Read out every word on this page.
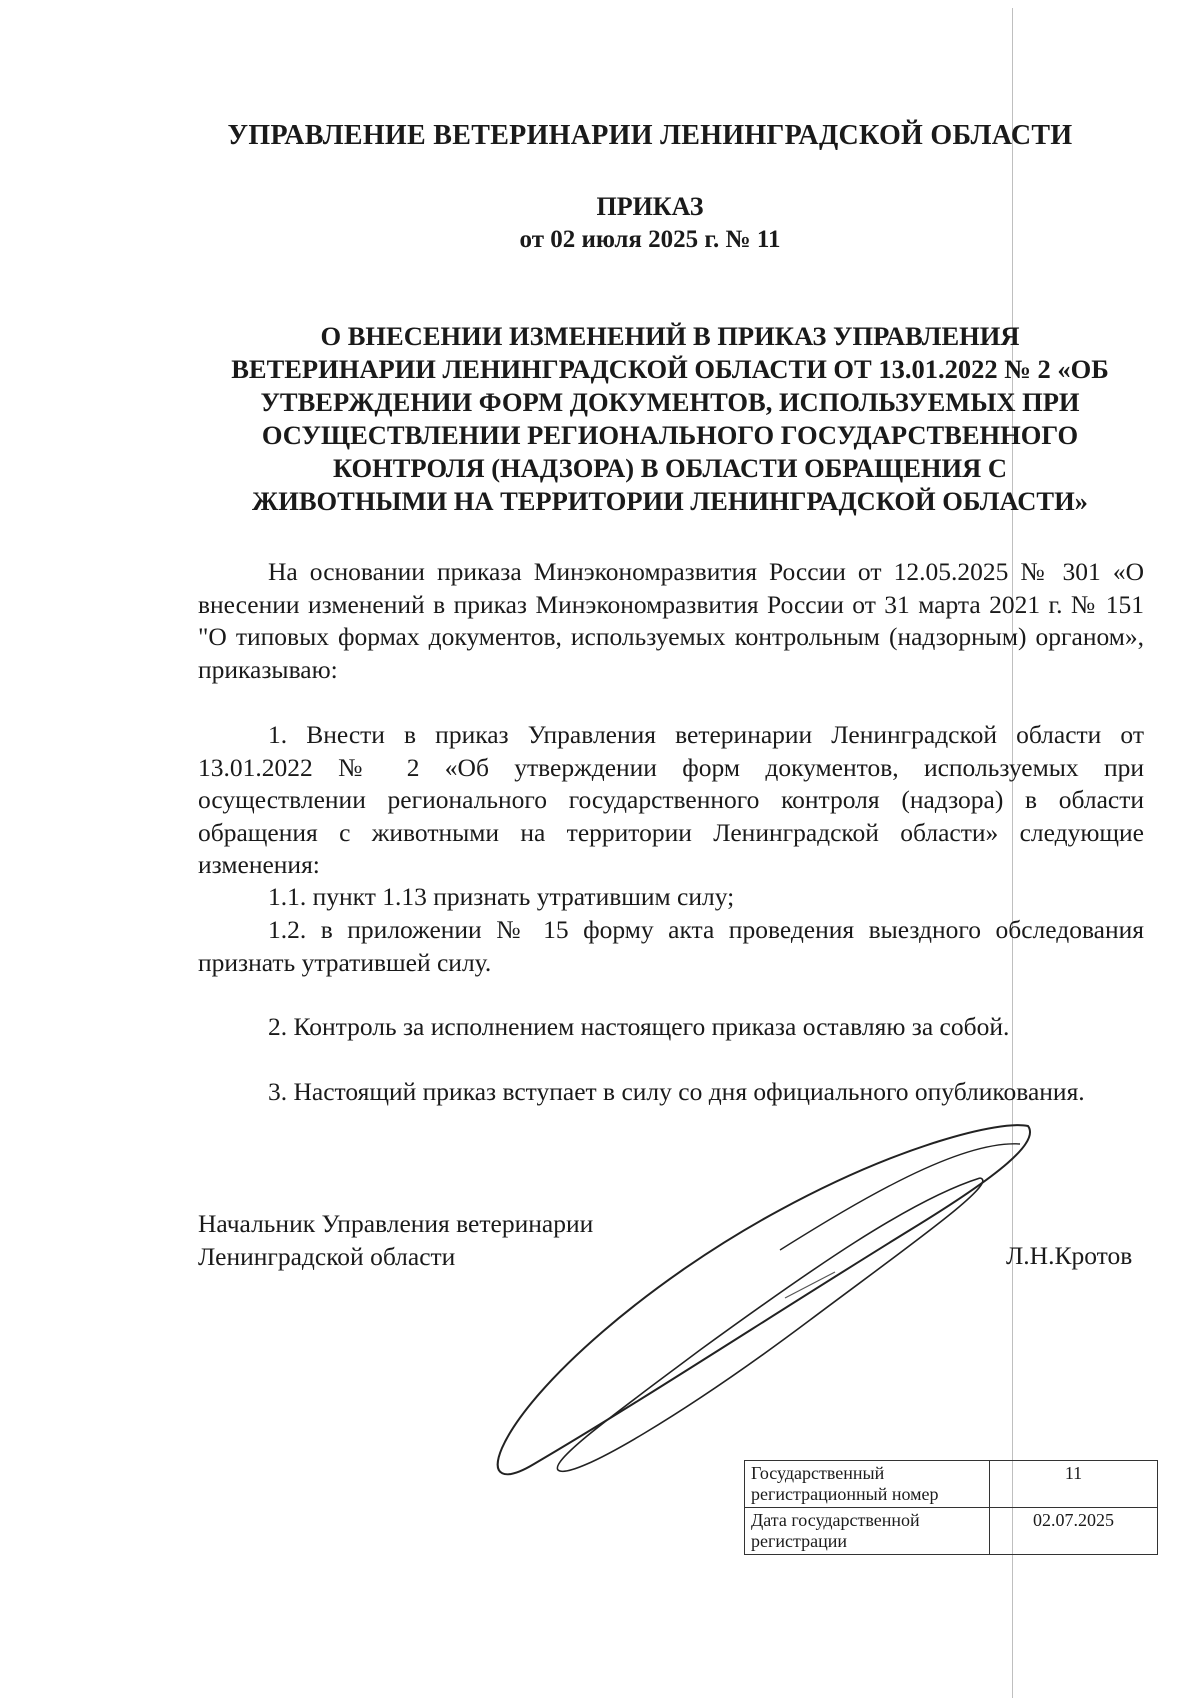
УПРАВЛЕНИЕ ВЕТЕРИНАРИИ ЛЕНИНГРАДСКОЙ ОБЛАСТИ
ПРИКАЗ
от 02 июля 2025 г. № 11
О ВНЕСЕНИИ ИЗМЕНЕНИЙ В ПРИКАЗ УПРАВЛЕНИЯ
ВЕТЕРИНАРИИ ЛЕНИНГРАДСКОЙ ОБЛАСТИ ОТ 13.01.2022 № 2 «ОБ
УТВЕРЖДЕНИИ ФОРМ ДОКУМЕНТОВ, ИСПОЛЬЗУЕМЫХ ПРИ
ОСУЩЕСТВЛЕНИИ РЕГИОНАЛЬНОГО ГОСУДАРСТВЕННОГО
КОНТРОЛЯ (НАДЗОРА) В ОБЛАСТИ ОБРАЩЕНИЯ С
ЖИВОТНЫМИ НА ТЕРРИТОРИИ ЛЕНИНГРАДСКОЙ ОБЛАСТИ»
На основании приказа Минэкономразвития России от 12.05.2025 № 301 «О внесении изменений в приказ Минэкономразвития России от 31 марта 2021 г. № 151 "О типовых формах документов, используемых контрольным (надзорным) органом», приказываю:
1. Внести в приказ Управления ветеринарии Ленинградской области от 13.01.2022 № 2 «Об утверждении форм документов, используемых при осуществлении регионального государственного контроля (надзора) в области обращения с животными на территории Ленинградской области» следующие изменения:
1.1. пункт 1.13 признать утратившим силу;
1.2. в приложении № 15 форму акта проведения выездного обследования признать утратившей силу.
2. Контроль за исполнением настоящего приказа оставляю за собой.
3. Настоящий приказ вступает в силу со дня официального опубликования.
Начальник Управления ветеринарии
Ленинградской области	Л.Н.Кротов
Государственный регистрационный номер	11
Дата государственной регистрации	02.07.2025
